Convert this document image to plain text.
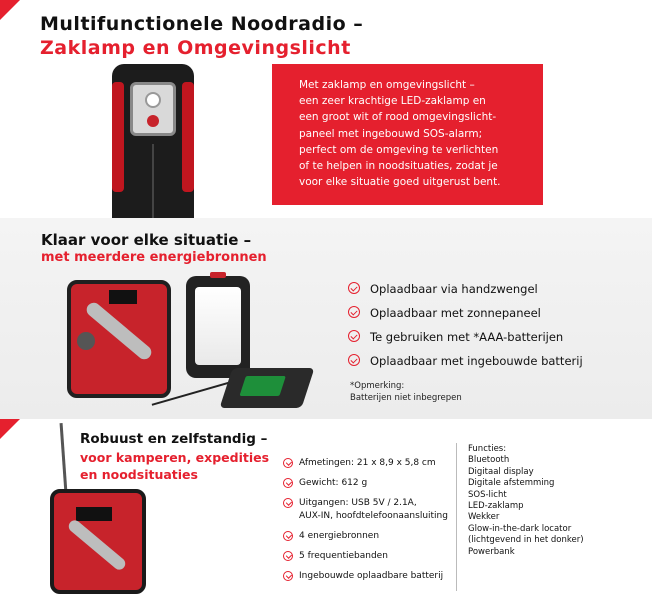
Multifunctionele Noodradio –
Zaklamp en Omgevingslicht

Met zaklamp en omgevingslicht –
een zeer krachtige LED-zaklamp en
een groot wit of rood omgevingslicht-
paneel met ingebouwd SOS-alarm;
perfect om de omgeving te verlichten
of te helpen in noodsituaties, zodat je
voor elke situatie goed uitgerust bent.

Klaar voor elke situatie –
met meerdere energiebronnen
Oplaadbaar via handzwengel
Oplaadbaar met zonnepaneel
Te gebruiken met *AAA-batterijen
Oplaadbaar met ingebouwde batterij
*Opmerking:
Batterijen niet inbegrepen
Robuust en zelfstandig –
voor kamperen, expedities
en noodsituaties
Afmetingen: 21 x 8,9 x 5,8 cm
Gewicht: 612 g
Uitgangen: USB 5V / 2.1A,
AUX-IN, hoofdtelefoonaansluiting
4 energiebronnen
5 frequentiebanden
Ingebouwde oplaadbare batterij
Functies:
Bluetooth
Digitaal display
Digitale afstemming
SOS-licht
LED-zaklamp
Wekker
Glow-in-the-dark locator
(lichtgevend in het donker)
Powerbank
